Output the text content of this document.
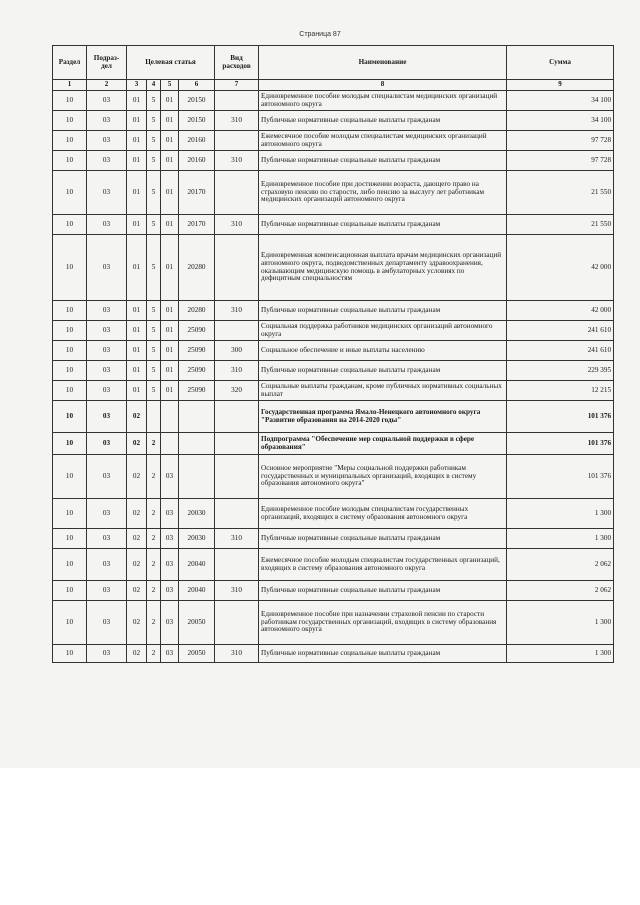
Страница 87
Раздел	Подраз-дел	Целевая статья				Вид расходов	Наименование	Сумма
1	2	3	4	5	6	7	8	9
10	03	01	5	01	20150		Единовременное пособие молодым специалистам медицинских организаций автономного округа	34 100
10	03	01	5	01	20150	310	Публичные нормативные социальные выплаты гражданам	34 100
10	03	01	5	01	20160		Ежемесячное пособие молодым специалистам медицинских организаций автономного округа	97 728
10	03	01	5	01	20160	310	Публичные нормативные социальные выплаты гражданам	97 728
10	03	01	5	01	20170		Единовременное пособие при достижении возраста, дающего право на страховую пенсию по старости, либо пенсию за выслугу лет работникам медицинских организаций автономного округа	21 550
10	03	01	5	01	20170	310	Публичные нормативные социальные выплаты гражданам	21 550
10	03	01	5	01	20280		Единовременная компенсационная выплата врачам медицинских организаций автономного округа, подведомственных департаменту здравоохранения, оказывающим медицинскую помощь в амбулаторных условиях по дефицитным специальностям	42 000
10	03	01	5	01	20280	310	Публичные нормативные социальные выплаты гражданам	42 000
10	03	01	5	01	25090		Социальная поддержка работников медицинских организаций автономного округа	241 610
10	03	01	5	01	25090	300	Социальное обеспечение и иные выплаты населению	241 610
10	03	01	5	01	25090	310	Публичные нормативные социальные выплаты гражданам	229 395
10	03	01	5	01	25090	320	Социальные выплаты гражданам, кроме публичных нормативных социальных выплат	12 215
10	03	02					Государственная программа Ямало-Ненецкого автономного округа "Развитие образования на 2014-2020 годы"	101 376
10	03	02	2				Подпрограмма "Обеспечение мер социальной поддержки в сфере образования"	101 376
10	03	02	2	03			Основное мероприятие "Меры социальной поддержки работникам государственных и муниципальных организаций, входящих в систему образования автономного округа"	101 376
10	03	02	2	03	20030		Единовременное пособие молодым специалистам государственных организаций, входящих в систему образования автономного округа	1 300
10	03	02	2	03	20030	310	Публичные нормативные социальные выплаты гражданам	1 300
10	03	02	2	03	20040		Ежемесячное пособие молодым специалистам государственных организаций, входящих в систему образования автономного округа	2 062
10	03	02	2	03	20040	310	Публичные нормативные социальные выплаты гражданам	2 062
10	03	02	2	03	20050		Единовременное пособие при назначении страховой пенсии по старости работникам государственных организаций, входящих в систему образования автономного округа	1 300
10	03	02	2	03	20050	310	Публичные нормативные социальные выплаты гражданам	1 300
